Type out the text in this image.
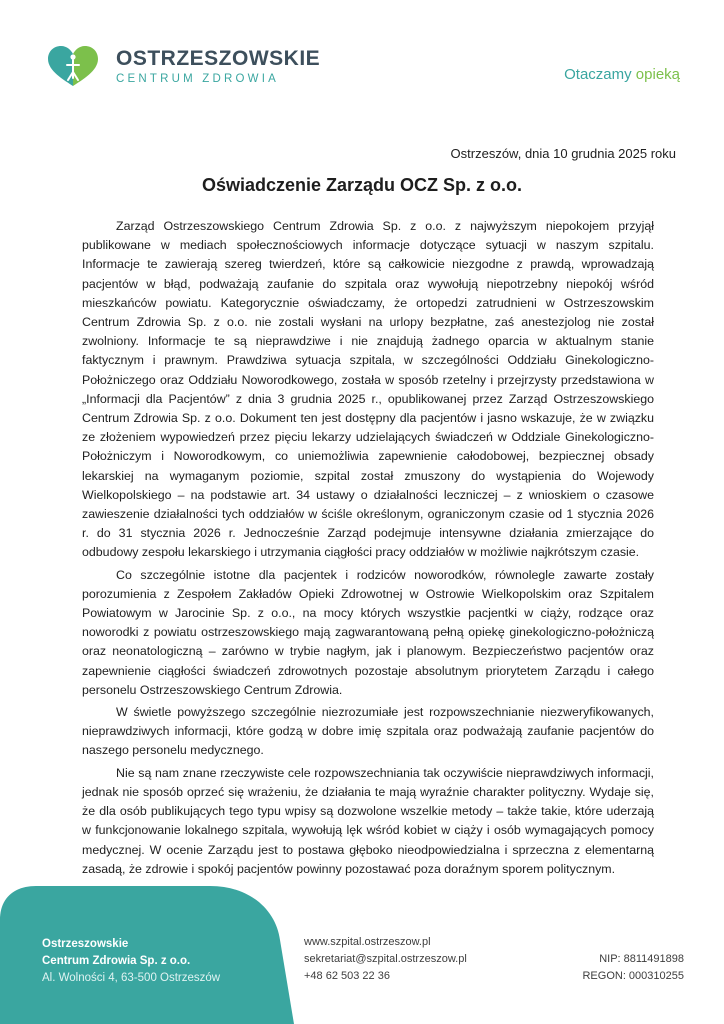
OSTRZESZOWSKIE
CENTRUM ZDROWIA	Otaczamy opieką
Ostrzeszów, dnia 10 grudnia 2025 roku
Oświadczenie Zarządu OCZ Sp. z o.o.

Zarząd Ostrzeszowskiego Centrum Zdrowia Sp. z o.o. z najwyższym niepokojem przyjął publikowane w mediach społecznościowych informacje dotyczące sytuacji w naszym szpitalu. Informacje te zawierają szereg twierdzeń, które są całkowicie niezgodne z prawdą, wprowadzają pacjentów w błąd, podważają zaufanie do szpitala oraz wywołują niepotrzebny niepokój wśród mieszkańców powiatu. Kategorycznie oświadczamy, że ortopedzi zatrudnieni w Ostrzeszowskim Centrum Zdrowia Sp. z o.o. nie zostali wysłani na urlopy bezpłatne, zaś anestezjolog nie został zwolniony. Informacje te są nieprawdziwe i nie znajdują żadnego oparcia w aktualnym stanie faktycznym i prawnym. Prawdziwa sytuacja szpitala, w szczególności Oddziału Ginekologiczno-Położniczego oraz Oddziału Noworodkowego, została w sposób rzetelny i przejrzysty przedstawiona w „Informacji dla Pacjentów” z dnia 3 grudnia 2025 r., opublikowanej przez Zarząd Ostrzeszowskiego Centrum Zdrowia Sp. z o.o. Dokument ten jest dostępny dla pacjentów i jasno wskazuje, że w związku ze złożeniem wypowiedzeń przez pięciu lekarzy udzielających świadczeń w Oddziale Ginekologiczno-Położniczym i Noworodkowym, co uniemożliwia zapewnienie całodobowej, bezpiecznej obsady lekarskiej na wymaganym poziomie, szpital został zmuszony do wystąpienia do Wojewody Wielkopolskiego – na podstawie art. 34 ustawy o działalności leczniczej – z wnioskiem o czasowe zawieszenie działalności tych oddziałów w ściśle określonym, ograniczonym czasie od 1 stycznia 2026 r. do 31 stycznia 2026 r. Jednocześnie Zarząd podejmuje intensywne działania zmierzające do odbudowy zespołu lekarskiego i utrzymania ciągłości pracy oddziałów w możliwie najkrótszym czasie.

Co szczególnie istotne dla pacjentek i rodziców noworodków, równolegle zawarte zostały porozumienia z Zespołem Zakładów Opieki Zdrowotnej w Ostrowie Wielkopolskim oraz Szpitalem Powiatowym w Jarocinie Sp. z o.o., na mocy których wszystkie pacjentki w ciąży, rodzące oraz noworodki z powiatu ostrzeszowskiego mają zagwarantowaną pełną opiekę ginekologiczno-położniczą oraz neonatologiczną – zarówno w trybie nagłym, jak i planowym. Bezpieczeństwo pacjentów oraz zapewnienie ciągłości świadczeń zdrowotnych pozostaje absolutnym priorytetem Zarządu i całego personelu Ostrzeszowskiego Centrum Zdrowia.

W świetle powyższego szczególnie niezrozumiałe jest rozpowszechnianie niezweryfikowanych, nieprawdziwych informacji, które godzą w dobre imię szpitala oraz podważają zaufanie pacjentów do naszego personelu medycznego.

Nie są nam znane rzeczywiste cele rozpowszechniania tak oczywiście nieprawdziwych informacji, jednak nie sposób oprzeć się wrażeniu, że działania te mają wyraźnie charakter polityczny. Wydaje się, że dla osób publikujących tego typu wpisy są dozwolone wszelkie metody – także takie, które uderzają w funkcjonowanie lokalnego szpitala, wywołują lęk wśród kobiet w ciąży i osób wymagających pomocy medycznej. W ocenie Zarządu jest to postawa głęboko nieodpowiedzialna i sprzeczna z elementarną zasadą, że zdrowie i spokój pacjentów powinny pozostawać poza doraźnym sporem politycznym.

Ostrzeszowskie
Centrum Zdrowia Sp. z o.o.
Al. Wolności 4, 63-500 Ostrzeszów
www.szpital.ostrzeszow.pl
sekretariat@szpital.ostrzeszow.pl
+48 62 503 22 36
NIP: 8811491898
REGON: 000310255
